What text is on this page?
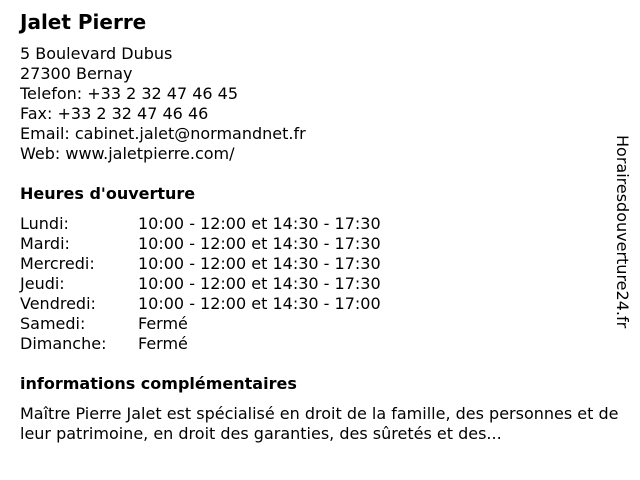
Jalet Pierre
5 Boulevard Dubus
27300 Bernay
Telefon: +33 2 32 47 46 45
Fax: +33 2 32 47 46 46
Email: cabinet.jalet@normandnet.fr
Web: www.jaletpierre.com/
Heures d'ouverture
Lundi:	10:00 - 12:00 et 14:30 - 17:30
Mardi:	10:00 - 12:00 et 14:30 - 17:30
Mercredi:	10:00 - 12:00 et 14:30 - 17:30
Jeudi:	10:00 - 12:00 et 14:30 - 17:30
Vendredi:	10:00 - 12:00 et 14:30 - 17:00
Samedi:	Fermé
Dimanche:	Fermé
informations complémentaires

Maître Pierre Jalet est spécialisé en droit de la famille, des personnes et de leur patrimoine, en droit des garanties, des sûretés et des...

Horairesdouverture24.fr
